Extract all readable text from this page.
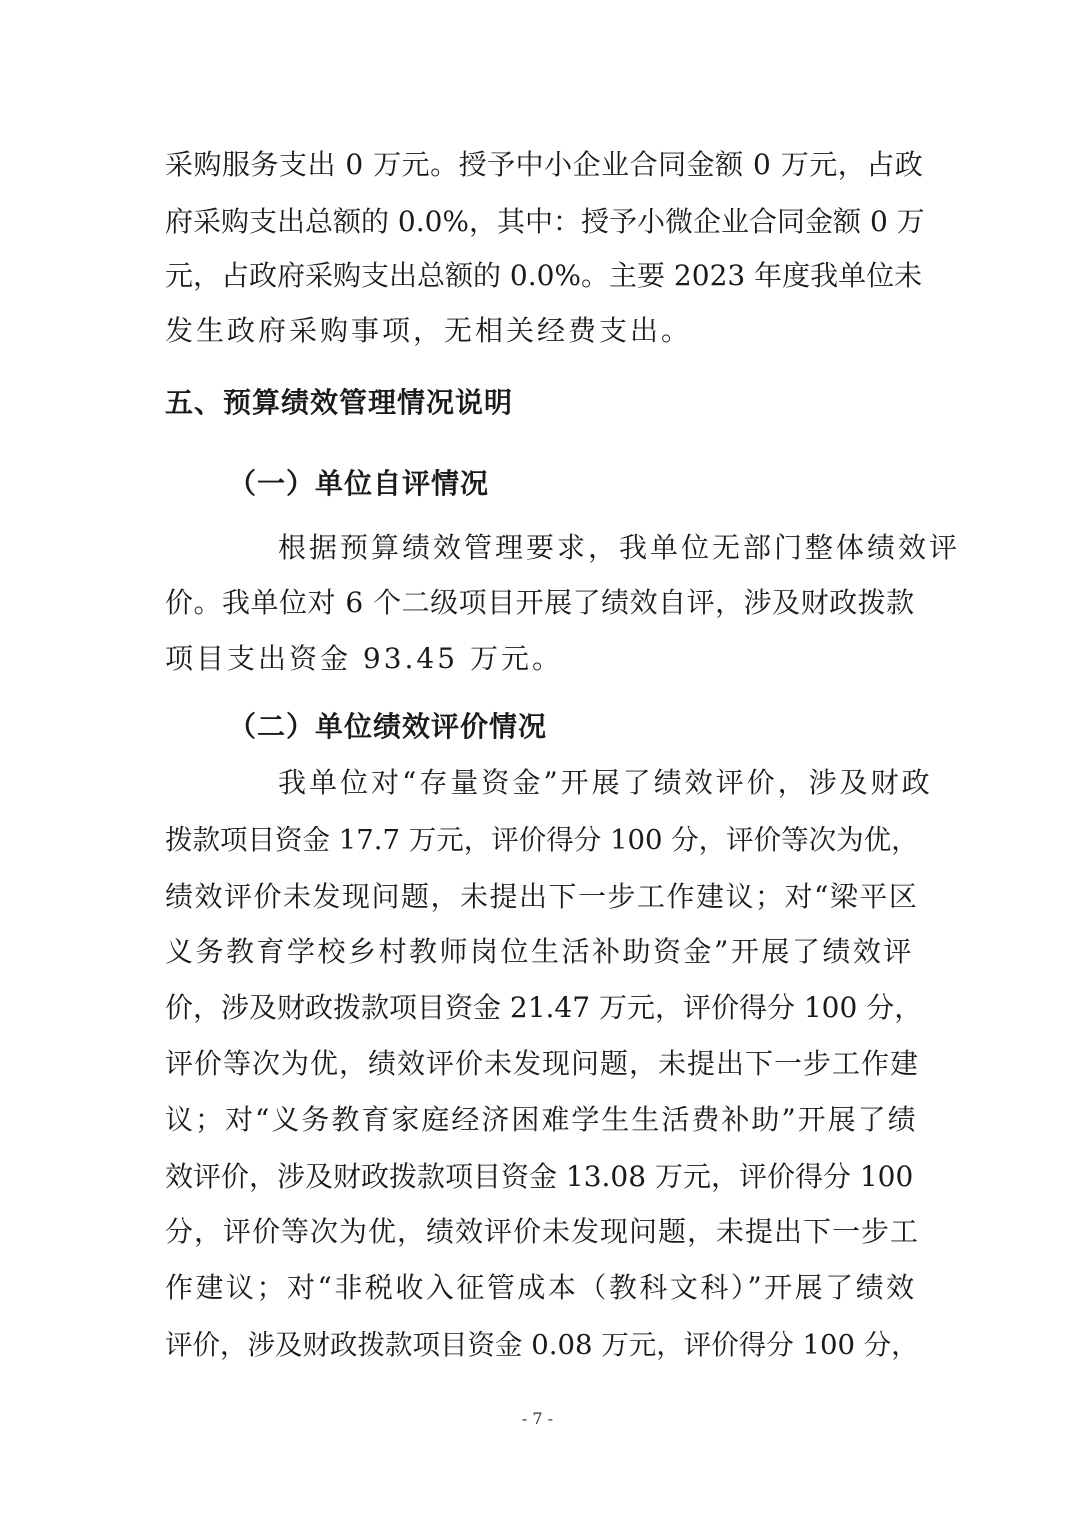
采购服务支出 0 万元。授予中小企业合同金额 0 万元，占政
府采购支出总额的 0.0%，其中：授予小微企业合同金额 0 万
元，占政府采购支出总额的 0.0%。主要 2023 年度我单位未
发生政府采购事项，无相关经费支出。
五、预算绩效管理情况说明
（一）单位自评情况
根据预算绩效管理要求，我单位无部门整体绩效评
价。我单位对 6 个二级项目开展了绩效自评，涉及财政拨款
项目支出资金 93.45 万元。
（二）单位绩效评价情况
我单位对“存量资金”开展了绩效评价，涉及财政
拨款项目资金 17.7 万元，评价得分 100 分，评价等次为优，
绩效评价未发现问题，未提出下一步工作建议；对“梁平区
义务教育学校乡村教师岗位生活补助资金”开展了绩效评
价，涉及财政拨款项目资金 21.47 万元，评价得分 100 分，
评价等次为优，绩效评价未发现问题，未提出下一步工作建
议；对“义务教育家庭经济困难学生生活费补助”开展了绩
效评价，涉及财政拨款项目资金 13.08 万元，评价得分 100
分，评价等次为优，绩效评价未发现问题，未提出下一步工
作建议；对“非税收入征管成本（教科文科）”开展了绩效
评价，涉及财政拨款项目资金 0.08 万元，评价得分 100 分，
- 7 -
